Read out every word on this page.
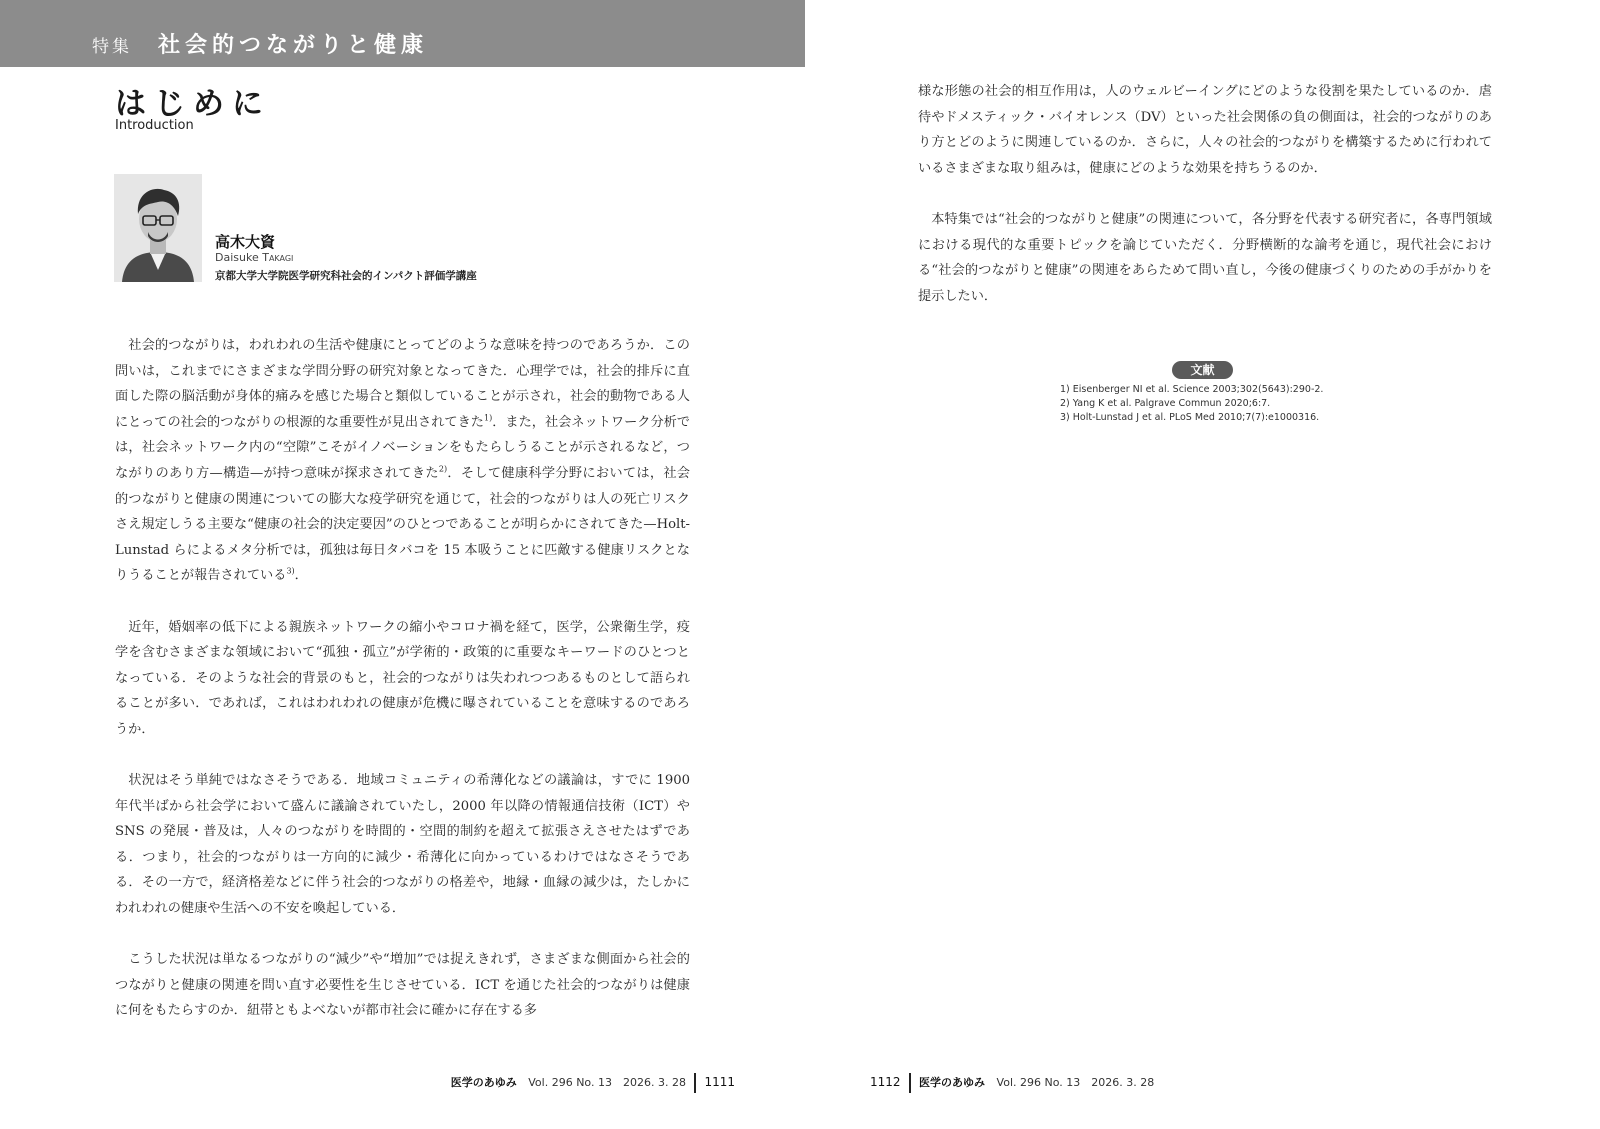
特集 社会的つながりと健康
はじめに
Introduction
高木大資
Daisuke Takagi
京都大学大学院医学研究科社会的インパクト評価学講座

社会的つながりは，われわれの生活や健康にとってどのような意味を持つのであろうか．この問いは，これまでにさまざまな学問分野の研究対象となってきた．心理学では，社会的排斥に直面した際の脳活動が身体的痛みを感じた場合と類似していることが示され，社会的動物である人にとっての社会的つながりの根源的な重要性が見出されてきた$^{1)}$．また，社会ネットワーク分析では，社会ネットワーク内の“空隙”こそがイノベーションをもたらしうることが示されるなど，つながりのあり方—構造—が持つ意味が探求されてきた$^{2)}$．そして健康科学分野においては，社会的つながりと健康の関連についての膨大な疫学研究を通じて，社会的つながりは人の死亡リスクさえ規定しうる主要な“健康の社会的決定要因”のひとつであることが明らかにされてきた—Holt-Lunstad らによるメタ分析では，孤独は毎日タバコを 15 本吸うことに匹敵する健康リスクとなりうることが報告されている$^{3)}$．

近年，婚姻率の低下による親族ネットワークの縮小やコロナ禍を経て，医学，公衆衛生学，疫学を含むさまざまな領域において“孤独・孤立”が学術的・政策的に重要なキーワードのひとつとなっている．そのような社会的背景のもと，社会的つながりは失われつつあるものとして語られることが多い．であれば，これはわれわれの健康が危機に曝されていることを意味するのであろうか．

状況はそう単純ではなさそうである．地域コミュニティの希薄化などの議論は，すでに 1900 年代半ばから社会学において盛んに議論されていたし，2000 年以降の情報通信技術（ICT）や SNS の発展・普及は，人々のつながりを時間的・空間的制約を超えて拡張さえさせたはずである．つまり，社会的つながりは一方向的に減少・希薄化に向かっているわけではなさそうである．その一方で，経済格差などに伴う社会的つながりの格差や，地縁・血縁の減少は，たしかにわれわれの健康や生活への不安を喚起している．

こうした状況は単なるつながりの“減少”や“増加”では捉えきれず，さまざまな側面から社会的つながりと健康の関連を問い直す必要性を生じさせている．ICT を通じた社会的つながりは健康に何をもたらすのか．紐帯ともよべないが都市社会に確かに存在する多

様な形態の社会的相互作用は，人のウェルビーイングにどのような役割を果たしているのか．虐待やドメスティック・バイオレンス（DV）といった社会関係の負の側面は，社会的つながりのあり方とどのように関連しているのか．さらに，人々の社会的つながりを構築するために行われているさまざまな取り組みは，健康にどのような効果を持ちうるのか．

本特集では“社会的つながりと健康”の関連について，各分野を代表する研究者に，各専門領域における現代的な重要トピックを論じていただく．分野横断的な論考を通じ，現代社会における“社会的つながりと健康”の関連をあらためて問い直し，今後の健康づくりのための手がかりを提示したい．

文献
1) Eisenberger NI et al. Science 2003;302(5643):290-2.
2) Yang K et al. Palgrave Commun 2020;6:7.
3) Holt-Lunstad J et al. PLoS Med 2010;7(7):e1000316.
医学のあゆみ Vol. 296 No. 13　2026. 3. 28 1111	1112 医学のあゆみ Vol. 296 No. 13　2026. 3. 28
